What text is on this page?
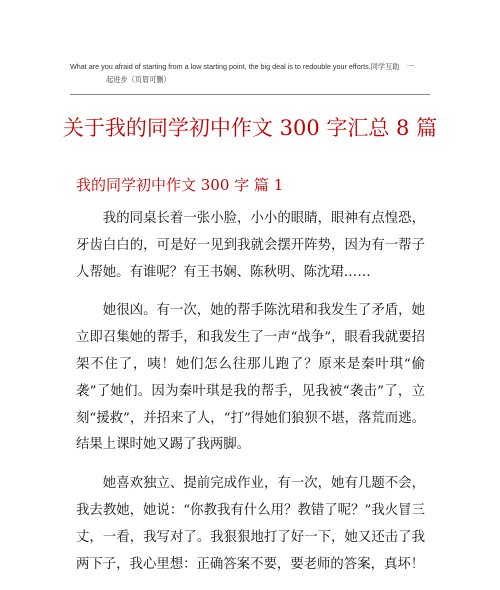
What are you afraid of starting from a low starting point, the big deal is to redouble your efforts.同学互助　一
起进步（页眉可删）
关于我的同学初中作文 300 字汇总 8 篇
我的同学初中作文 300 字 篇 1

我的同桌长着一张小脸，小小的眼睛，眼神有点惶恐，牙齿白白的，可是好一见到我就会摆开阵势，因为有一帮子人帮她。有谁呢？有王书娴、陈秋明、陈沈珺……

她很凶。有一次，她的帮手陈沈珺和我发生了矛盾，她立即召集她的帮手，和我发生了一声“战争”，眼看我就要招架不住了，咦！她们怎么往那儿跑了？原来是秦叶琪“偷袭”了她们。因为秦叶琪是我的帮手，见我被“袭击”了，立刻“援救”，并招来了人，“打”得她们狼狈不堪，落荒而逃。结果上课时她又踢了我两脚。

她喜欢独立、提前完成作业，有一次，她有几题不会，我去教她，她说：“你教我有什么用？教错了呢？”我火冒三丈，一看，我写对了。我狠狠地打了好一下，她又还击了我两下子，我心里想：正确答案不要，要老师的答案，真坏！
